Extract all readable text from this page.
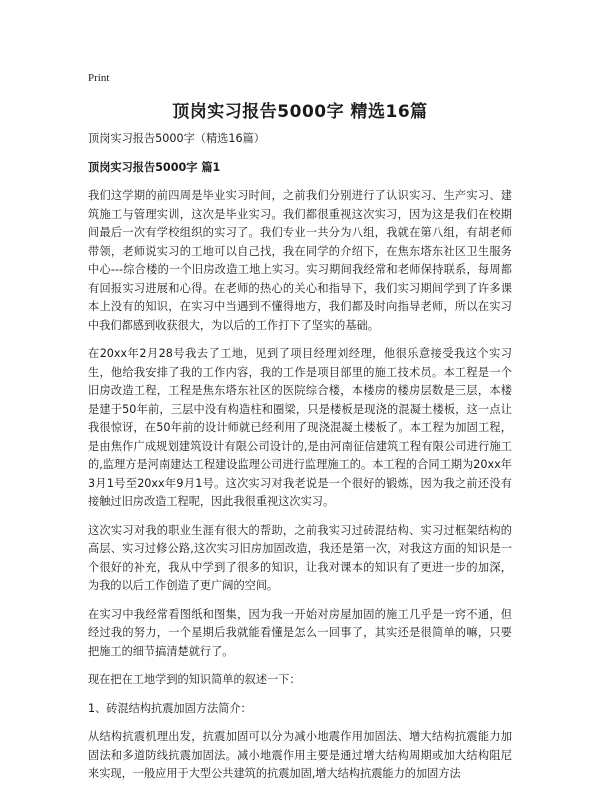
Print
顶岗实习报告5000字 精选16篇

顶岗实习报告5000字（精选16篇）

顶岗实习报告5000字 篇1

我们这学期的前四周是毕业实习时间，之前我们分别进行了认识实习、生产实习、建筑施工与管理实训，这次是毕业实习。我们都很重视这次实习，因为这是我们在校期间最后一次有学校组织的实习了。我们专业一共分为八组，我就在第八组，有胡老师带领，老师说实习的工地可以自己找，我在同学的介绍下，在焦东塔东社区卫生服务中心---综合楼的一个旧房改造工地上实习。实习期间我经常和老师保持联系，每周都有回报实习进展和心得。在老师的热心的关心和指导下，我们实习期间学到了许多课本上没有的知识，在实习中当遇到不懂得地方，我们都及时向指导老师，所以在实习中我们都感到收获很大，为以后的工作打下了坚实的基础。

在20xx年2月28号我去了工地，见到了项目经理刘经理，他很乐意接受我这个实习生，他给我安排了我的工作内容，我的工作是项目部里的施工技术员。本工程是一个旧房改造工程，工程是焦东塔东社区的医院综合楼，本楼房的楼房层数是三层，本楼是建于50年前，三层中没有构造柱和圈梁，只是楼板是现浇的混凝土楼板，这一点让我很惊讶，在50年前的设计师就已经利用了现浇混凝土楼板了。本工程为加固工程，是由焦作广成规划建筑设计有限公司设计的,是由河南征信建筑工程有限公司进行施工的,监理方是河南建达工程建设监理公司进行监理施工的。本工程的合同工期为20xx年3月1号至20xx年9月1号。这次实习对我老说是一个很好的锻炼，因为我之前还没有接触过旧房改造工程呢，因此我很重视这次实习。

这次实习对我的职业生涯有很大的帮助，之前我实习过砖混结构、实习过框架结构的高层、实习过修公路,这次实习旧房加固改造，我还是第一次，对我这方面的知识是一个很好的补充，我从中学到了很多的知识，让我对课本的知识有了更进一步的加深，为我的以后工作创造了更广阔的空间。

在实习中我经常看图纸和图集，因为我一开始对房屋加固的施工几乎是一窍不通，但经过我的努力，一个星期后我就能看懂是怎么一回事了，其实还是很简单的嘛，只要把施工的细节搞清楚就行了。

现在把在工地学到的知识简单的叙述一下：

1、砖混结构抗震加固方法简介：

从结构抗震机理出发，抗震加固可以分为减小地震作用加固法、增大结构抗震能力加固法和多道防线抗震加固法。减小地震作用主要是通过增大结构周期或加大结构阻尼来实现，一般应用于大型公共建筑的抗震加固,增大结构抗震能力的加固方法
